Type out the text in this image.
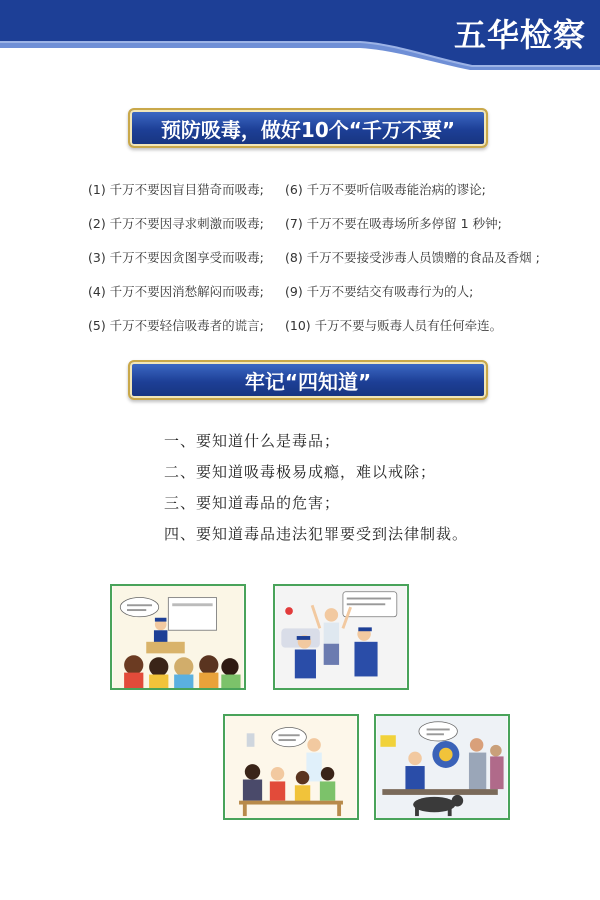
五华检察
预防吸毒，做好10个“千万不要”
(1) 千万不要因盲目猎奇而吸毒; (6) 千万不要听信吸毒能治病的谬论;
(2) 千万不要因寻求刺激而吸毒; (7) 千万不要在吸毒场所多停留 1 秒钟;
(3) 千万不要因贪图享受而吸毒; (8) 千万不要接受涉毒人员馈赠的食品及香烟 ;
(4) 千万不要因消愁解闷而吸毒; (9) 千万不要结交有吸毒行为的人;
(5) 千万不要轻信吸毒者的谎言; (10) 千万不要与贩毒人员有任何牵连。
牢记“四知道”
一、要知道什么是毒品；
二、要知道吸毒极易成瘾，难以戒除；
三、要知道毒品的危害；
四、要知道毒品违法犯罪要受到法律制裁。
